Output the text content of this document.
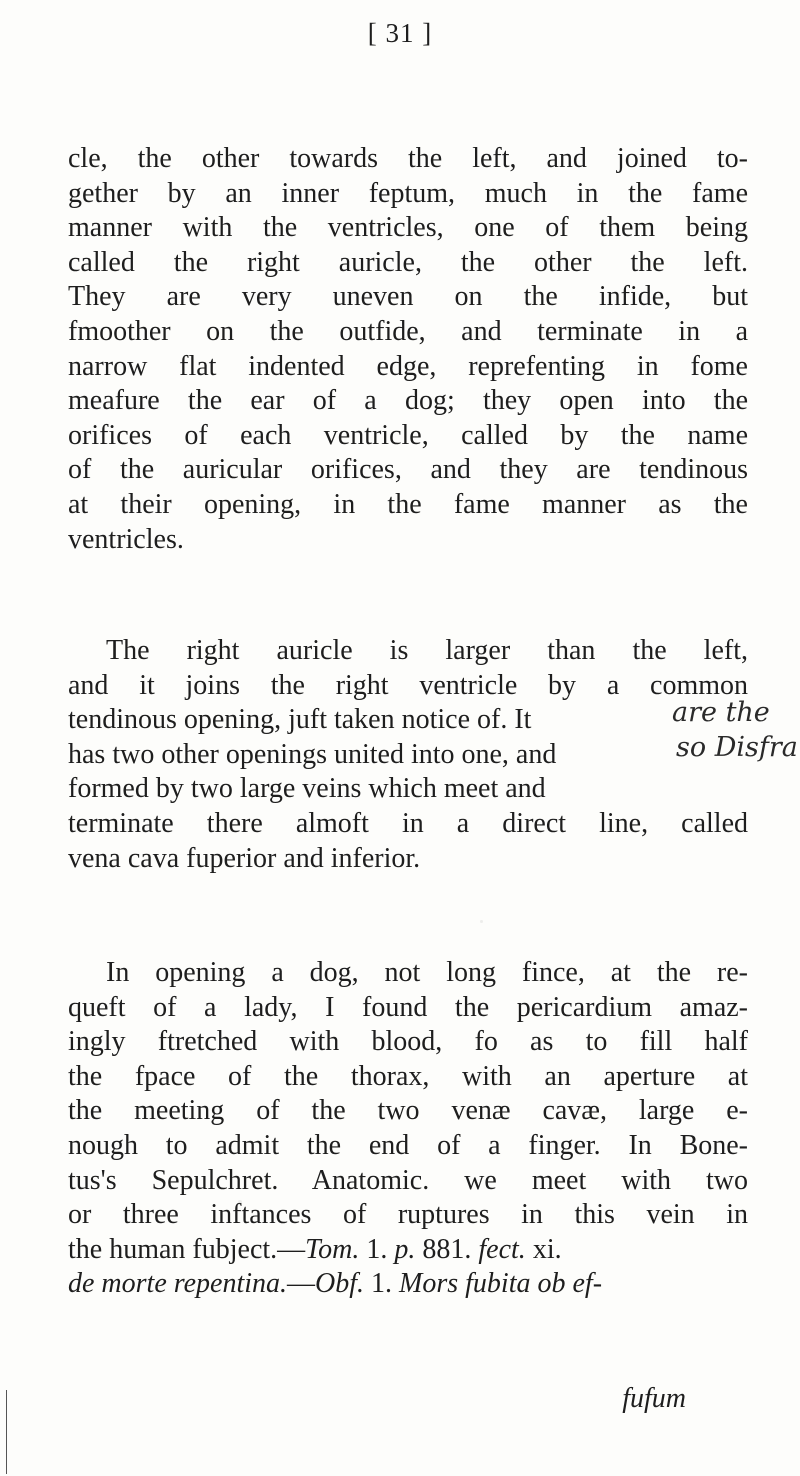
[ 31 ]
cle, the other towards the left, and joined to-
gether by an inner feptum, much in the fame
manner with the ventricles, one of them being
called the right auricle, the other the left.
They are very uneven on the infide, but
fmoother on the outfide, and terminate in a
narrow flat indented edge, reprefenting in fome
meafure the ear of a dog; they open into the
orifices of each ventricle, called by the name
of the auricular orifices, and they are tendinous
at their opening, in the fame manner as the
ventricles.
The right auricle is larger than the left,
and it joins the right ventricle by a common
tendinous opening, juft taken notice of. It
has two other openings united into one, and
formed by two large veins which meet and
terminate there almoft in a direct line, called
vena cava fuperior and inferior.
are the
so Disfra
In opening a dog, not long fince, at the re-
queft of a lady, I found the pericardium amaz-
ingly ftretched with blood, fo as to fill half
the fpace of the thorax, with an aperture at
the meeting of the two venæ cavæ, large e-
nough to admit the end of a finger. In Bone-
tus's Sepulchret. Anatomic. we meet with two
or three inftances of ruptures in this vein in
the human fubject.—Tom. 1. p. 881. fect. xi.
de morte repentina.—Obf. 1. Mors fubita ob ef-
fufum
